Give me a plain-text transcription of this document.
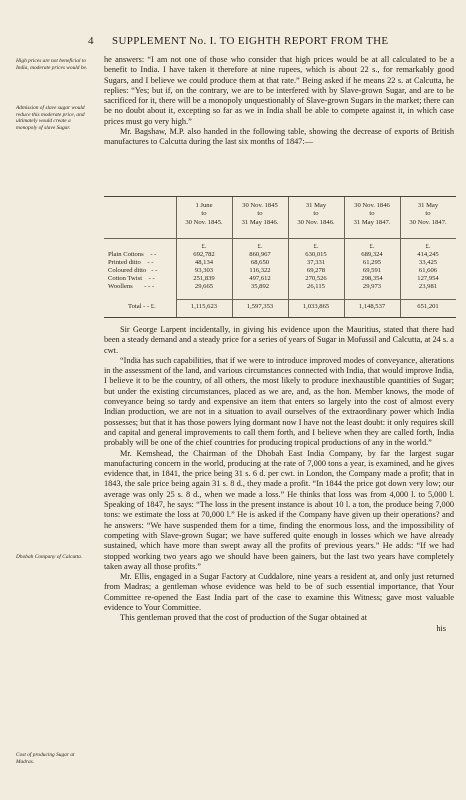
4 SUPPLEMENT No. I. TO EIGHTH REPORT FROM THE
High prices are not beneficial to India, moderate prices would be.
Admission of slave sugar would reduce this moderate price, and ultimately would create a monopoly of slave Sugar.
Dhobah Company of Calcutta.
Cost of producing Sugar at Madras.

he answers: “I am not one of those who consider that high prices would be at all calculated to be a benefit to India. I have taken it therefore at nine rupees, which is about 22 s., for remarkably good Sugars, and I believe we could produce them at that rate.” Being asked if he means 22 s. at Calcutta, he replies: “Yes; but if, on the contrary, we are to be interfered with by Slave-grown Sugar, and are to be sacrificed for it, there will be a monopoly unquestionably of Slave-grown Sugars in the market; there can be no doubt about it, excepting so far as we in India shall be able to compete against it, in which case prices must go very high.”

Mr. Bagshaw, M.P. also handed in the following table, showing the decrease of exports of British manufactures to Calcutta during the last six months of 1847:—

1 June
to
30 Nov. 1845.
30 Nov. 1845
to
31 May 1846.
31 May
to
30 Nov. 1846.
30 Nov. 1846
to
31 May 1847.
31 May
to
30 Nov. 1847.
£.	£.	£.	£.	£.
Plain Cottons - -	692,782	860,967	630,015	689,324	414,245
Printed ditto - -	48,134	68,650	37,331	61,295	33,425
Coloured ditto - -	93,303	116,322	69,278	69,591	61,606
Cotton Twist - -	251,839	497,612	270,526	298,354	127,954
Woollens - - -	29,665	35,892	26,115	29,973	23,981
Total - - £.	1,115,623	1,597,353	1,033,865	1,148,537	651,201

Sir George Larpent incidentally, in giving his evidence upon the Mauritius, stated that there had been a steady demand and a steady price for a series of years of Sugar in Mofussil and Calcutta, at 24 s. a cwt.

“India has such capabilities, that if we were to introduce improved modes of conveyance, alterations in the assessment of the land, and various circumstances connected with India, that would improve India, I believe it to be the country, of all others, the most likely to produce inexhaustible quantities of Sugar; but under the existing circumstances, placed as we are, and, as the hon. Member knows, the mode of conveyance being so tardy and expensive an item that enters so largely into the cost of almost every Indian production, we are not in a situation to avail ourselves of the extraordinary power which India possesses; but that it has those powers lying dormant now I have not the least doubt: it only requires skill and capital and general improvements to call them forth, and I believe when they are called forth, India probably will be one of the chief countries for producing tropical productions of any in the world.”

Mr. Kemshead, the Chairman of the Dhobah East India Company, by far the largest sugar manufacturing concern in the world, producing at the rate of 7,000 tons a year, is examined, and he gives evidence that, in 1841, the price being 31 s. 6 d. per cwt. in London, the Company made a profit; that in 1843, the sale price being again 31 s. 8 d., they made a profit. “In 1844 the price got down very low; our average was only 25 s. 8 d., when we made a loss.” He thinks that loss was from 4,000 l. to 5,000 l. Speaking of 1847, he says: “The loss in the present instance is about 10 l. a ton, the produce being 7,000 tons: we estimate the loss at 70,000 l.” He is asked if the Company have given up their operations? and he answers: “We have suspended them for a time, finding the enormous loss, and the impossibility of competing with Slave-grown Sugar; we have suffered quite enough in losses which we have already sustained, which have more than swept away all the profits of previous years.” He adds: “If we had stopped working two years ago we should have been gainers, but the last two years have completely taken away all those profits.”

Mr. Ellis, engaged in a Sugar Factory at Cuddalore, nine years a resident at, and only just returned from Madras; a gentleman whose evidence was held to be of such essential importance, that Your Committee re-opened the East India part of the case to examine this Witness; gave most valuable evidence to Your Committee.

This gentleman proved that the cost of production of the Sugar obtained at

his
